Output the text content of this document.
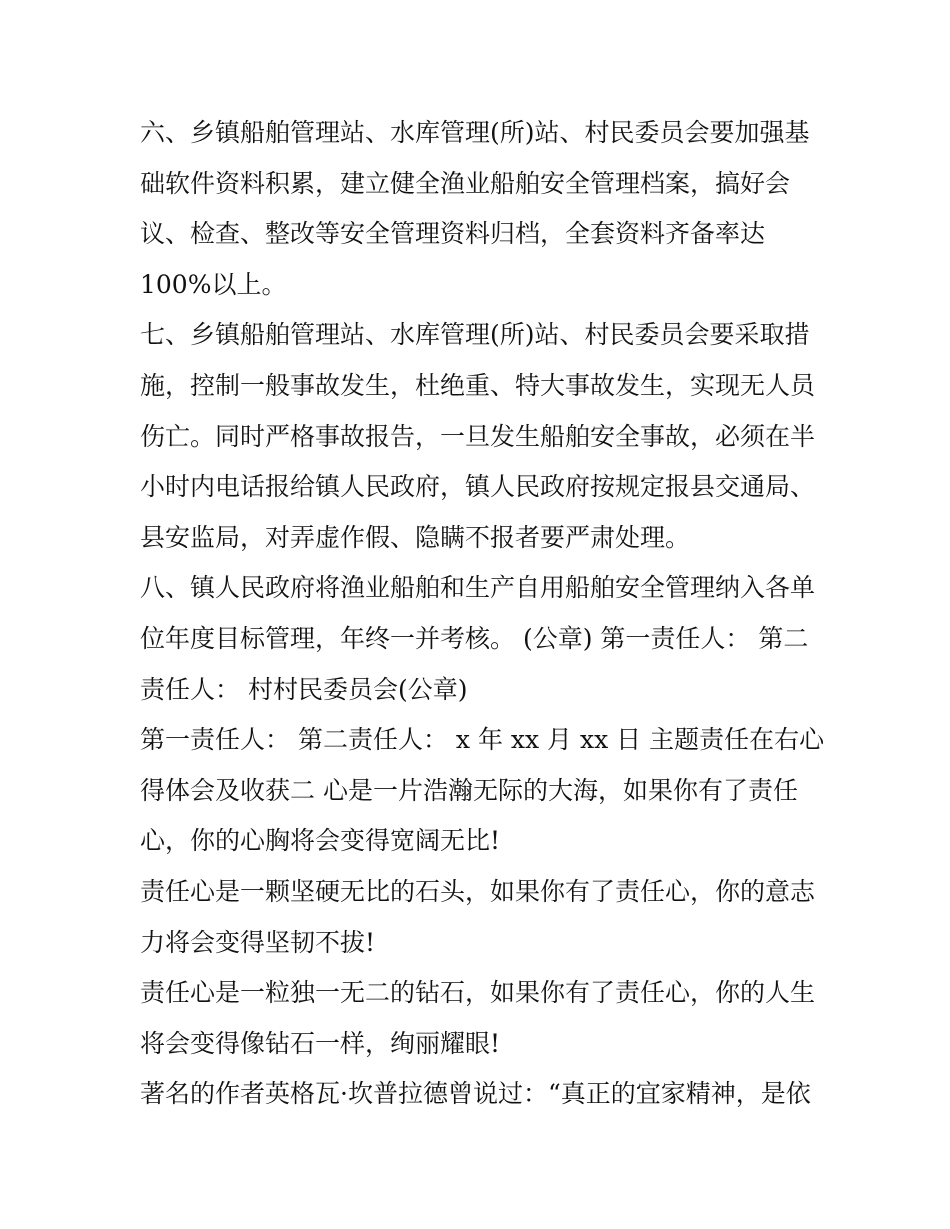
六、乡镇船舶管理站、水库管理(所)站、村民委员会要加强基
础软件资料积累，建立健全渔业船舶安全管理档案，搞好会
议、检查、整改等安全管理资料归档，全套资料齐备率达
100%以上。
七、乡镇船舶管理站、水库管理(所)站、村民委员会要采取措
施，控制一般事故发生，杜绝重、特大事故发生，实现无人员
伤亡。同时严格事故报告，一旦发生船舶安全事故，必须在半
小时内电话报给镇人民政府，镇人民政府按规定报县交通局、
县安监局，对弄虚作假、隐瞒不报者要严肃处理。
八、镇人民政府将渔业船舶和生产自用船舶安全管理纳入各单
位年度目标管理，年终一并考核。 (公章) 第一责任人： 第二
责任人： 村村民委员会(公章)
第一责任人： 第二责任人： x 年 xx 月 xx 日 主题责任在右心
得体会及收获二 心是一片浩瀚无际的大海，如果你有了责任
心，你的心胸将会变得宽阔无比!
责任心是一颗坚硬无比的石头，如果你有了责任心，你的意志
力将会变得坚韧不拔!
责任心是一粒独一无二的钻石，如果你有了责任心，你的人生
将会变得像钻石一样，绚丽耀眼!
著名的作者英格瓦·坎普拉德曾说过：“真正的宜家精神，是依
